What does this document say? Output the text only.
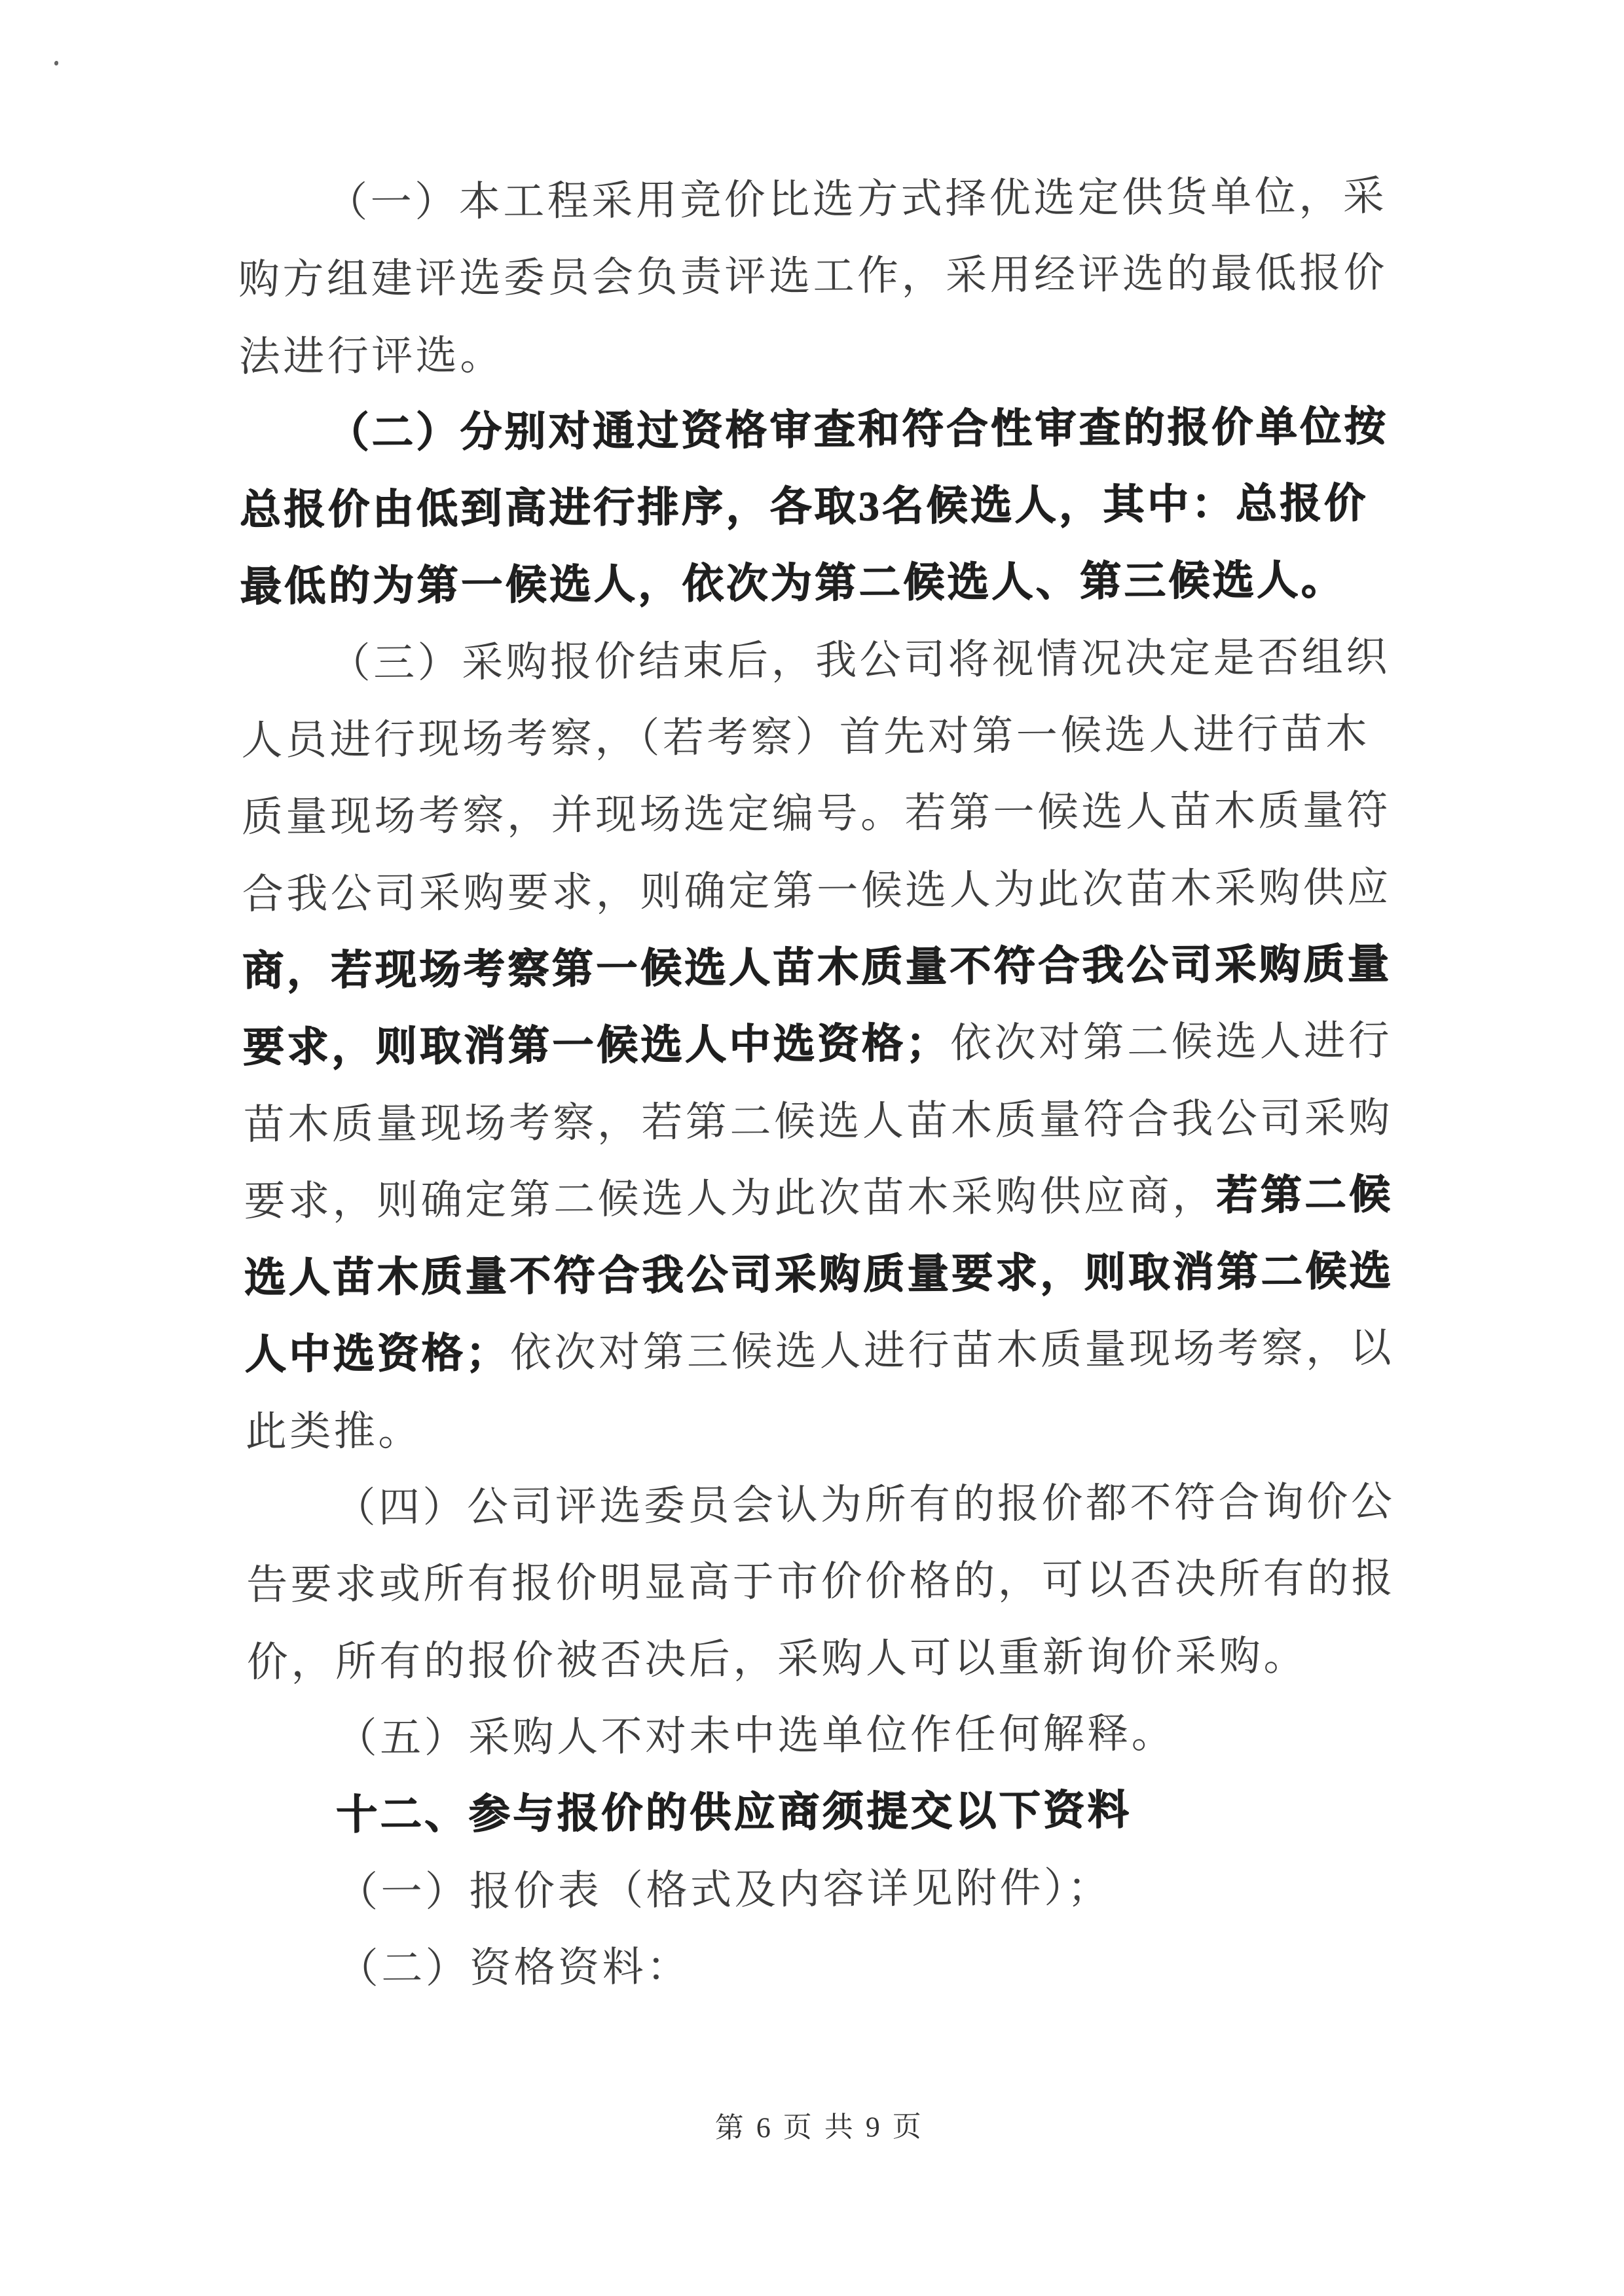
（一）本工程采用竞价比选方式择优选定供货单位，采
购方组建评选委员会负责评选工作，采用经评选的最低报价
法进行评选。
（二）分别对通过资格审查和符合性审查的报价单位按
总报价由低到高进行排序，各取3名候选人，其中：总报价
最低的为第一候选人，依次为第二候选人、第三候选人。
（三）采购报价结束后，我公司将视情况决定是否组织
人员进行现场考察，（若考察）首先对第一候选人进行苗木
质量现场考察，并现场选定编号。若第一候选人苗木质量符
合我公司采购要求，则确定第一候选人为此次苗木采购供应
商，若现场考察第一候选人苗木质量不符合我公司采购质量
要求，则取消第一候选人中选资格；依次对第二候选人进行
苗木质量现场考察，若第二候选人苗木质量符合我公司采购
要求，则确定第二候选人为此次苗木采购供应商，若第二候
选人苗木质量不符合我公司采购质量要求，则取消第二候选
人中选资格；依次对第三候选人进行苗木质量现场考察，以
此类推。
（四）公司评选委员会认为所有的报价都不符合询价公
告要求或所有报价明显高于市价价格的，可以否决所有的报
价，所有的报价被否决后，采购人可以重新询价采购。
（五）采购人不对未中选单位作任何解释。
十二、参与报价的供应商须提交以下资料
（一）报价表（格式及内容详见附件）；
（二）资格资料：
第 6 页 共 9 页
